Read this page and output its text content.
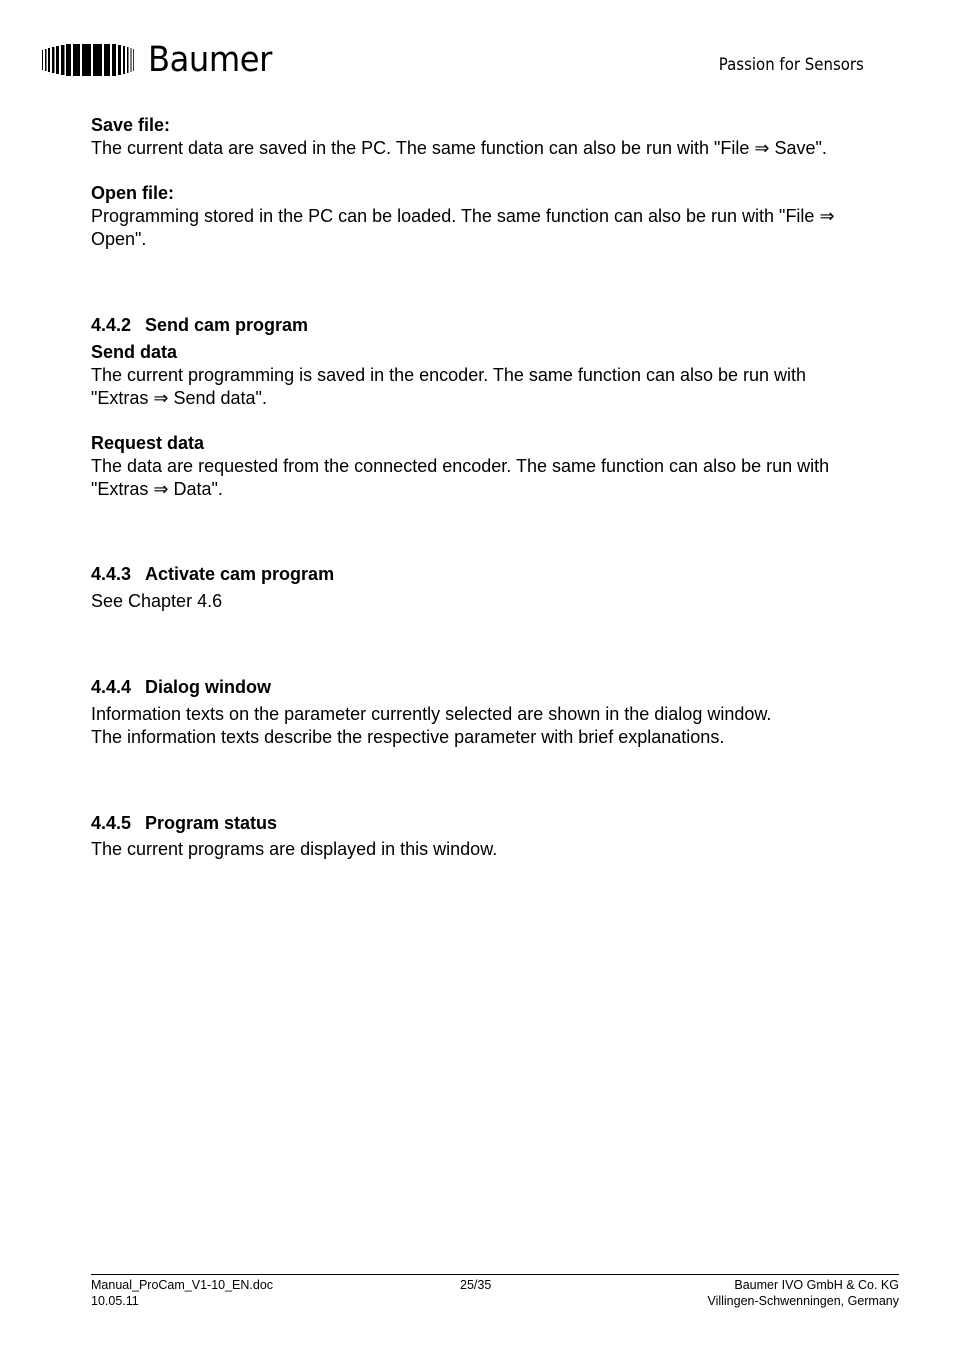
Baumer	Passion for Sensors
Save file:
The current data are saved in the PC. The same function can also be run with "File ⇒ Save".
Open file:
Programming stored in the PC can be loaded. The same function can also be run with "File ⇒
Open".
4.4.2 Send cam program
Send data
The current programming is saved in the encoder. The same function can also be run with
"Extras ⇒ Send data".
Request data
The data are requested from the connected encoder. The same function can also be run with
"Extras ⇒ Data".
4.4.3 Activate cam program
See Chapter 4.6
4.4.4 Dialog window
Information texts on the parameter currently selected are shown in the dialog window.
The information texts describe the respective parameter with brief explanations.
4.4.5 Program status
The current programs are displayed in this window.
Manual_ProCam_V1-10_EN.doc
10.05.11
25/35	Baumer IVO GmbH & Co. KG
Villingen-Schwenningen, Germany
